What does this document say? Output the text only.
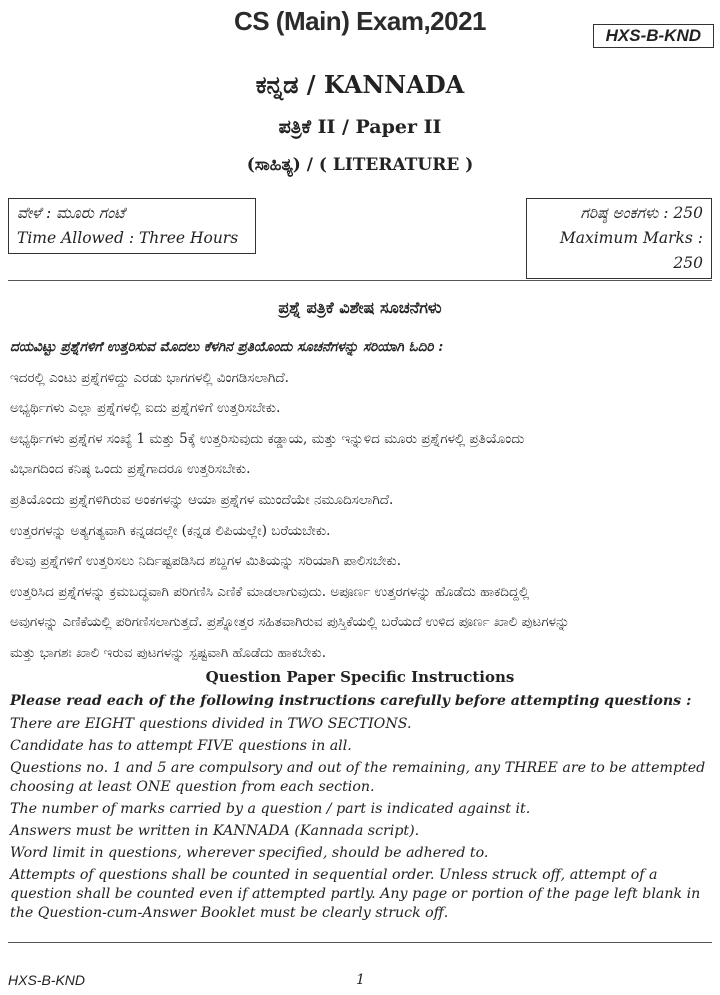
CS (Main) Exam,2021	HXS-B-KND
ಕನ್ನಡ / KANNADA
ಪತ್ರಿಕೆ II / Paper II
(ಸಾಹಿತ್ಯ) / ( LITERATURE )
ವೇಳೆ : ಮೂರು ಗಂಟೆ
Time Allowed : Three Hours
ಗರಿಷ್ಠ ಅಂಕಗಳು : 250
Maximum Marks : 250
ಪ್ರಶ್ನೆ ಪತ್ರಿಕೆ ವಿಶೇಷ ಸೂಚನೆಗಳು
ದಯವಿಟ್ಟು ಪ್ರಶ್ನೆಗಳಿಗೆ ಉತ್ತರಿಸುವ ಮೊದಲು ಕೆಳಗಿನ ಪ್ರತಿಯೊಂದು ಸೂಚನೆಗಳನ್ನು ಸರಿಯಾಗಿ ಓದಿರಿ :
ಇದರಲ್ಲಿ ಎಂಟು ಪ್ರಶ್ನೆಗಳಿದ್ದು ಎರಡು ಭಾಗಗಳಲ್ಲಿ ವಿಂಗಡಿಸಲಾಗಿದೆ.
ಅಭ್ಯರ್ಥಿಗಳು ಎಲ್ಲಾ ಪ್ರಶ್ನೆಗಳಲ್ಲಿ ಐದು ಪ್ರಶ್ನೆಗಳಿಗೆ ಉತ್ತರಿಸಬೇಕು.
ಅಭ್ಯರ್ಥಿಗಳು ಪ್ರಶ್ನೆಗಳ ಸಂಖ್ಯೆ 1 ಮತ್ತು 5ಕ್ಕೆ ಉತ್ತರಿಸುವುದು ಕಡ್ಡಾಯ, ಮತ್ತು ಇನ್ನುಳಿದ ಮೂರು ಪ್ರಶ್ನೆಗಳಲ್ಲಿ ಪ್ರತಿಯೊಂದು
ವಿಭಾಗದಿಂದ ಕನಿಷ್ಠ ಒಂದು ಪ್ರಶ್ನೆಗಾದರೂ ಉತ್ತರಿಸಬೇಕು.
ಪ್ರತಿಯೊಂದು ಪ್ರಶ್ನೆಗಳಿಗಿರುವ ಅಂಕಗಳನ್ನು ಆಯಾ ಪ್ರಶ್ನೆಗಳ ಮುಂದೆಯೇ ನಮೂದಿಸಲಾಗಿದೆ.
ಉತ್ತರಗಳನ್ನು ಅತ್ಯಗತ್ಯವಾಗಿ ಕನ್ನಡದಲ್ಲೇ (ಕನ್ನಡ ಲಿಪಿಯಲ್ಲೇ) ಬರೆಯಬೇಕು.
ಕೆಲವು ಪ್ರಶ್ನೆಗಳಿಗೆ ಉತ್ತರಿಸಲು ನಿರ್ದಿಷ್ಟಪಡಿಸಿದ ಶಬ್ದಗಳ ಮಿತಿಯನ್ನು ಸರಿಯಾಗಿ ಪಾಲಿಸಬೇಕು.
ಉತ್ತರಿಸಿದ ಪ್ರಶ್ನೆಗಳನ್ನು ಕ್ರಮಬದ್ಧವಾಗಿ ಪರಿಗಣಿಸಿ ಎಣಿಕೆ ಮಾಡಲಾಗುವುದು. ಅಪೂರ್ಣ ಉತ್ತರಗಳನ್ನು ಹೊಡೆದು ಹಾಕದಿದ್ದಲ್ಲಿ
ಅವುಗಳನ್ನು ಎಣಿಕೆಯಲ್ಲಿ ಪರಿಗಣಿಸಲಾಗುತ್ತದೆ. ಪ್ರಶ್ನೋತ್ತರ ಸಹಿತವಾಗಿರುವ ಪುಸ್ತಿಕೆಯಲ್ಲಿ ಬರೆಯದೆ ಉಳಿದ ಪೂರ್ಣ ಖಾಲಿ ಪುಟಗಳನ್ನು
ಮತ್ತು ಭಾಗಶಃ ಖಾಲಿ ಇರುವ ಪುಟಗಳನ್ನು ಸ್ಪಷ್ಟವಾಗಿ ಹೊಡೆದು ಹಾಕಬೇಕು.
Question Paper Specific Instructions

Please read each of the following instructions carefully before attempting questions :

There are EIGHT questions divided in TWO SECTIONS.

Candidate has to attempt FIVE questions in all.

Questions no. 1 and 5 are compulsory and out of the remaining, any THREE are to be attempted choosing at least ONE question from each section.

The number of marks carried by a question / part is indicated against it.

Answers must be written in KANNADA (Kannada script).

Word limit in questions, wherever specified, should be adhered to.

Attempts of questions shall be counted in sequential order. Unless struck off, attempt of a question shall be counted even if attempted partly. Any page or portion of the page left blank in the Question-cum-Answer Booklet must be clearly struck off.

HXS-B-KND	1
